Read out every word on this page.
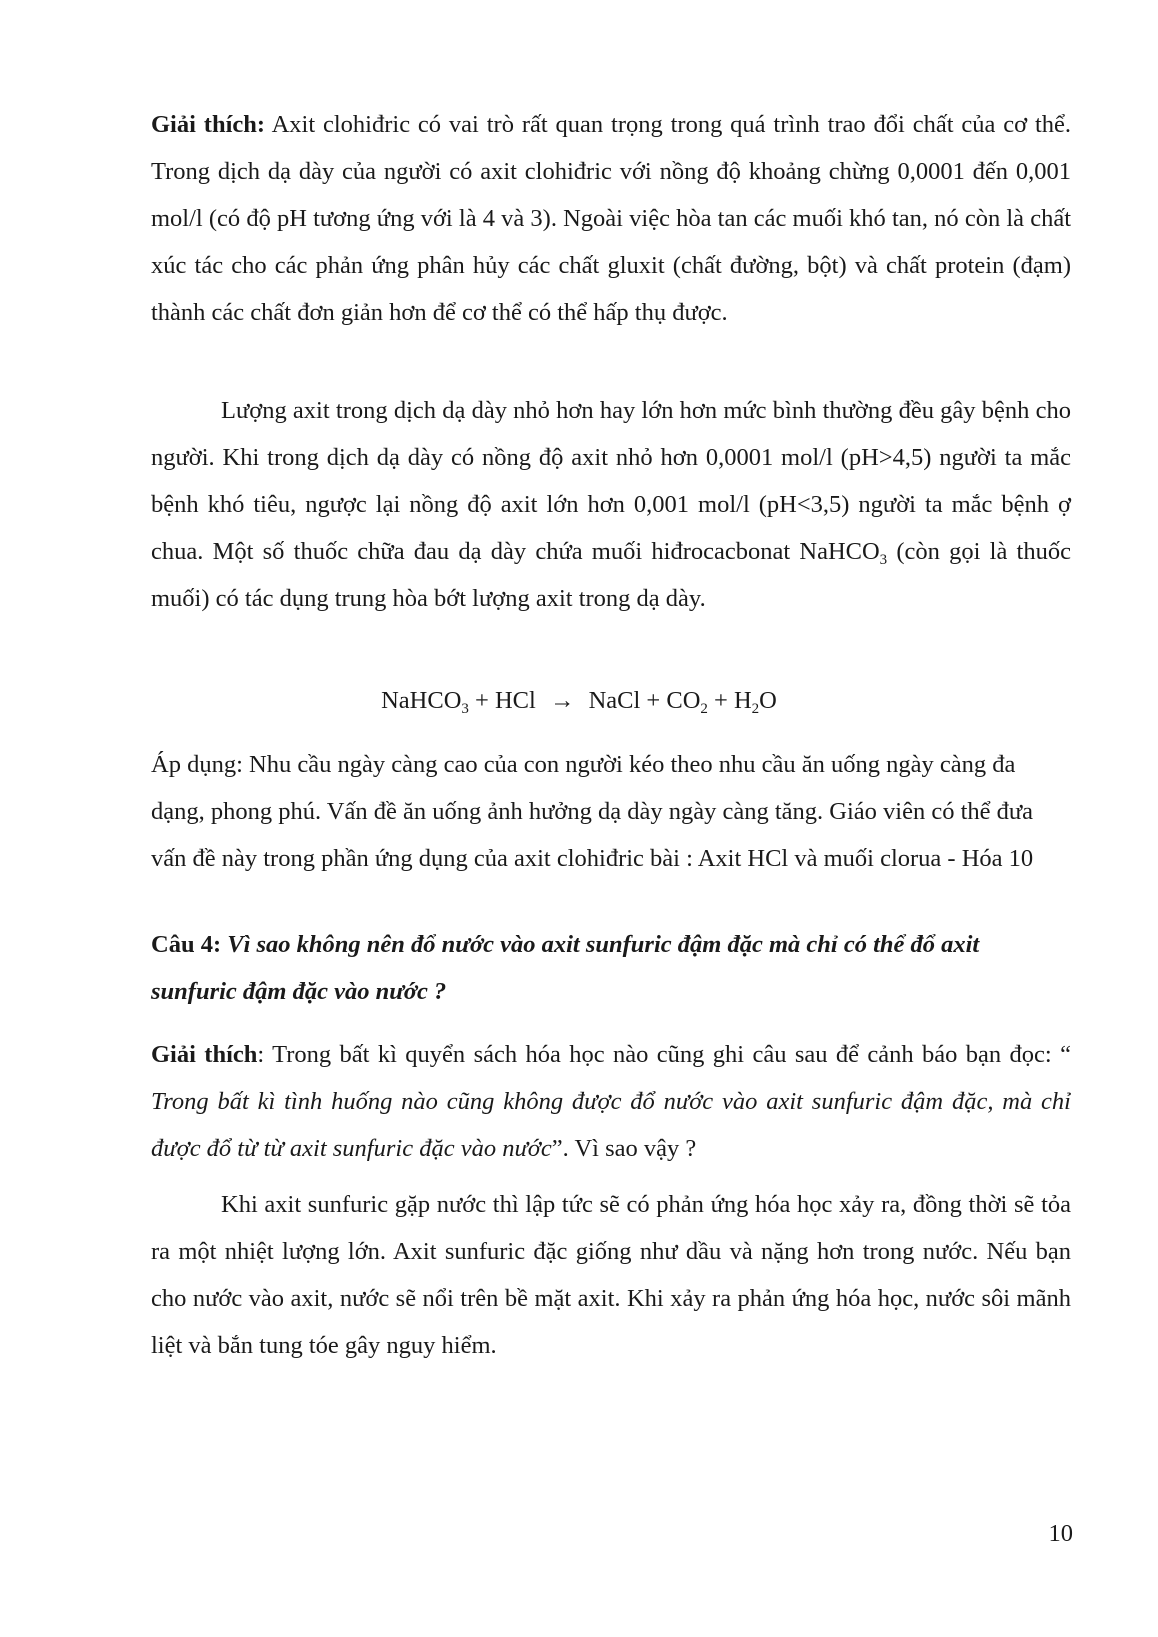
Giải thích: Axit clohiđric có vai trò rất quan trọng trong quá trình trao đổi chất của cơ thể. Trong dịch dạ dày của người có axit clohiđric với nồng độ khoảng chừng 0,0001 đến 0,001 mol/l (có độ pH tương ứng với là 4 và 3). Ngoài việc hòa tan các muối khó tan, nó còn là chất xúc tác cho các phản ứng phân hủy các chất gluxit (chất đường, bột) và chất protein (đạm) thành các chất đơn giản hơn để cơ thể có thể hấp thụ được.

Lượng axit trong dịch dạ dày nhỏ hơn hay lớn hơn mức bình thường đều gây bệnh cho người. Khi trong dịch dạ dày có nồng độ axit nhỏ hơn 0,0001 mol/l (pH>4,5) người ta mắc bệnh khó tiêu, ngược lại nồng độ axit lớn hơn 0,001 mol/l (pH<3,5) người ta mắc bệnh ợ chua. Một số thuốc chữa đau dạ dày chứa muối hiđrocacbonat NaHCO$_3$ (còn gọi là thuốc muối) có tác dụng trung hòa bớt lượng axit trong dạ dày.

NaHCO$_3$ + HCl → NaCl + $CO_2 + H_2O$

Áp dụng: Nhu cầu ngày càng cao của con người kéo theo nhu cầu ăn uống ngày càng đa dạng, phong phú. Vấn đề ăn uống ảnh hưởng dạ dày ngày càng tăng. Giáo viên có thể đưa vấn đề này trong phần ứng dụng của axit clohiđric bài : Axit HCl và muối clorua - Hóa 10

Câu 4: Vì sao không nên đổ nước vào axit sunfuric đậm đặc mà chỉ có thể đổ axit sunfuric đậm đặc vào nước ?

Giải thích: Trong bất kì quyển sách hóa học nào cũng ghi câu sau để cảnh báo bạn đọc: “ Trong bất kì tình huống nào cũng không được đổ nước vào axit sunfuric đậm đặc, mà chỉ được đổ từ từ axit sunfuric đặc vào nước”. Vì sao vậy ?

Khi axit sunfuric gặp nước thì lập tức sẽ có phản ứng hóa học xảy ra, đồng thời sẽ tỏa ra một nhiệt lượng lớn. Axit sunfuric đặc giống như dầu và nặng hơn trong nước. Nếu bạn cho nước vào axit, nước sẽ nổi trên bề mặt axit. Khi xảy ra phản ứng hóa học, nước sôi mãnh liệt và bắn tung tóe gây nguy hiểm.

10
